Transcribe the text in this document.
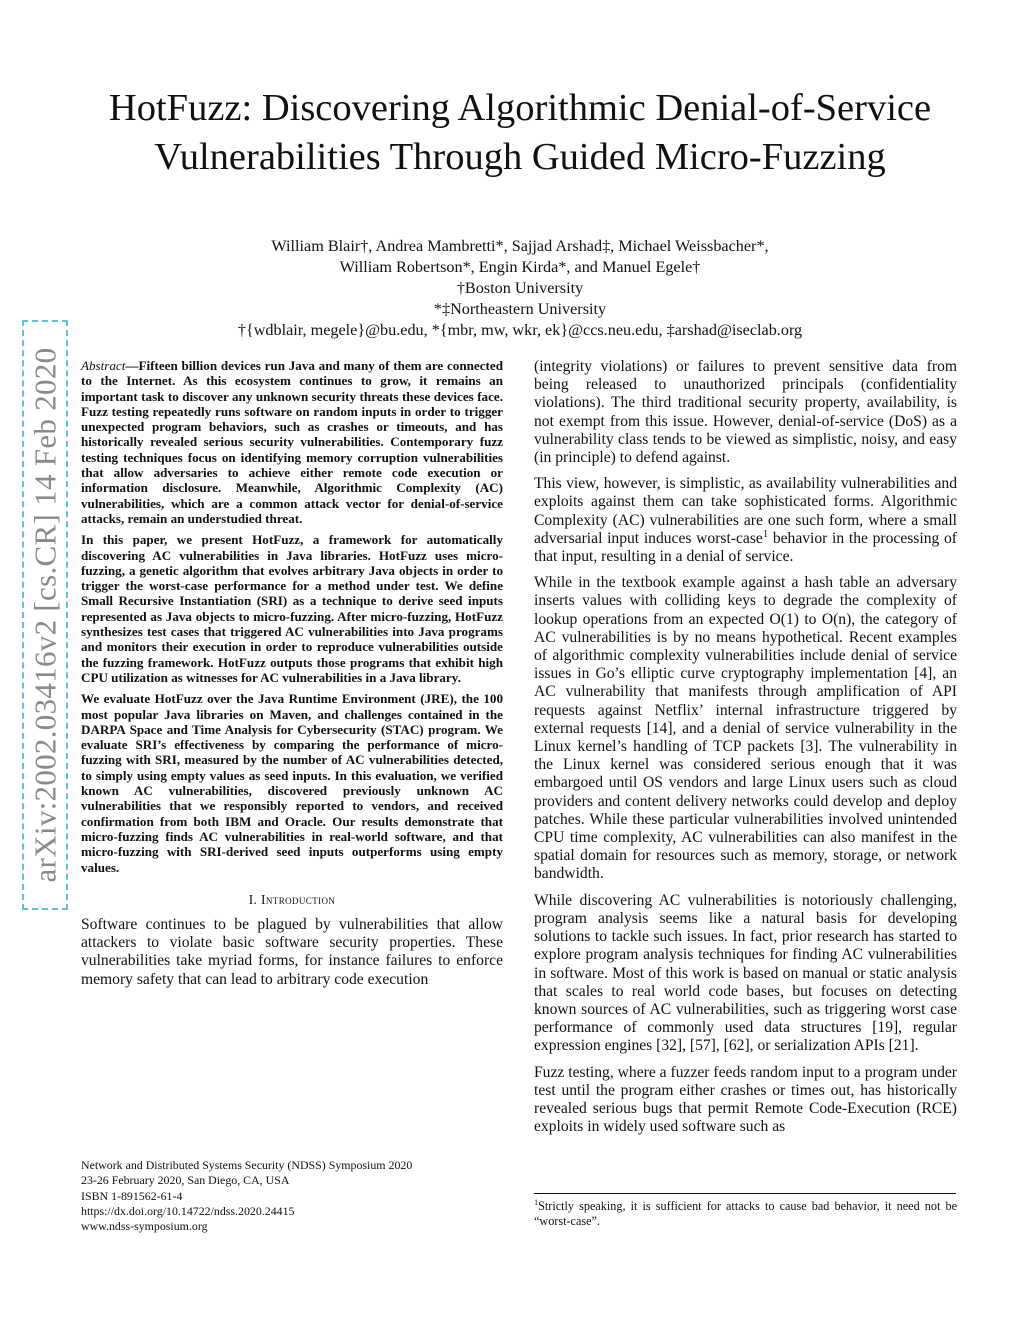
arXiv:2002.03416v2 [cs.CR] 14 Feb 2020
HotFuzz: Discovering Algorithmic Denial-of-Service
Vulnerabilities Through Guided Micro-Fuzzing
William Blair†, Andrea Mambretti*, Sajjad Arshad‡, Michael Weissbacher*,
William Robertson*, Engin Kirda*, and Manuel Egele†
†Boston University
*‡Northeastern University
†{wdblair, megele}@bu.edu, *{mbr, mw, wkr, ek}@ccs.neu.edu, ‡arshad@iseclab.org

Abstract—Fifteen billion devices run Java and many of them are connected to the Internet. As this ecosystem continues to grow, it remains an important task to discover any unknown security threats these devices face. Fuzz testing repeatedly runs software on random inputs in order to trigger unexpected program behaviors, such as crashes or timeouts, and has historically revealed serious security vulnerabilities. Contemporary fuzz testing techniques focus on identifying memory corruption vulnerabilities that allow adversaries to achieve either remote code execution or information disclosure. Meanwhile, Algorithmic Complexity (AC) vulnerabilities, which are a common attack vector for denial-of-service attacks, remain an understudied threat.

In this paper, we present HotFuzz, a framework for automatically discovering AC vulnerabilities in Java libraries. HotFuzz uses micro-fuzzing, a genetic algorithm that evolves arbitrary Java objects in order to trigger the worst-case performance for a method under test. We define Small Recursive Instantiation (SRI) as a technique to derive seed inputs represented as Java objects to micro-fuzzing. After micro-fuzzing, HotFuzz synthesizes test cases that triggered AC vulnerabilities into Java programs and monitors their execution in order to reproduce vulnerabilities outside the fuzzing framework. HotFuzz outputs those programs that exhibit high CPU utilization as witnesses for AC vulnerabilities in a Java library.

We evaluate HotFuzz over the Java Runtime Environment (JRE), the 100 most popular Java libraries on Maven, and challenges contained in the DARPA Space and Time Analysis for Cybersecurity (STAC) program. We evaluate SRI’s effectiveness by comparing the performance of micro-fuzzing with SRI, measured by the number of AC vulnerabilities detected, to simply using empty values as seed inputs. In this evaluation, we verified known AC vulnerabilities, discovered previously unknown AC vulnerabilities that we responsibly reported to vendors, and received confirmation from both IBM and Oracle. Our results demonstrate that micro-fuzzing finds AC vulnerabilities in real-world software, and that micro-fuzzing with SRI-derived seed inputs outperforms using empty values.

I. Introduction

Software continues to be plagued by vulnerabilities that allow attackers to violate basic software security properties. These vulnerabilities take myriad forms, for instance failures to enforce memory safety that can lead to arbitrary code execution

(integrity violations) or failures to prevent sensitive data from being released to unauthorized principals (confidentiality violations). The third traditional security property, availability, is not exempt from this issue. However, denial-of-service (DoS) as a vulnerability class tends to be viewed as simplistic, noisy, and easy (in principle) to defend against.

This view, however, is simplistic, as availability vulnerabilities and exploits against them can take sophisticated forms. Algorithmic Complexity (AC) vulnerabilities are one such form, where a small adversarial input induces worst-case$^1$ behavior in the processing of that input, resulting in a denial of service.

While in the textbook example against a hash table an adversary inserts values with colliding keys to degrade the complexity of lookup operations from an expected O(1) to O(n), the category of AC vulnerabilities is by no means hypothetical. Recent examples of algorithmic complexity vulnerabilities include denial of service issues in Go’s elliptic curve cryptography implementation [4], an AC vulnerability that manifests through amplification of API requests against Netflix’ internal infrastructure triggered by external requests [14], and a denial of service vulnerability in the Linux kernel’s handling of TCP packets [3]. The vulnerability in the Linux kernel was considered serious enough that it was embargoed until OS vendors and large Linux users such as cloud providers and content delivery networks could develop and deploy patches. While these particular vulnerabilities involved unintended CPU time complexity, AC vulnerabilities can also manifest in the spatial domain for resources such as memory, storage, or network bandwidth.

While discovering AC vulnerabilities is notoriously challenging, program analysis seems like a natural basis for developing solutions to tackle such issues. In fact, prior research has started to explore program analysis techniques for finding AC vulnerabilities in software. Most of this work is based on manual or static analysis that scales to real world code bases, but focuses on detecting known sources of AC vulnerabilities, such as triggering worst case performance of commonly used data structures [19], regular expression engines [32], [57], [62], or serialization APIs [21].

Fuzz testing, where a fuzzer feeds random input to a program under test until the program either crashes or times out, has historically revealed serious bugs that permit Remote Code-Execution (RCE) exploits in widely used software such as

Network and Distributed Systems Security (NDSS) Symposium 2020
23-26 February 2020, San Diego, CA, USA
ISBN 1-891562-61-4
https://dx.doi.org/10.14722/ndss.2020.24415
www.ndss-symposium.org
$^1$Strictly speaking, it is sufficient for attacks to cause bad behavior, it need not be “worst-case”.
